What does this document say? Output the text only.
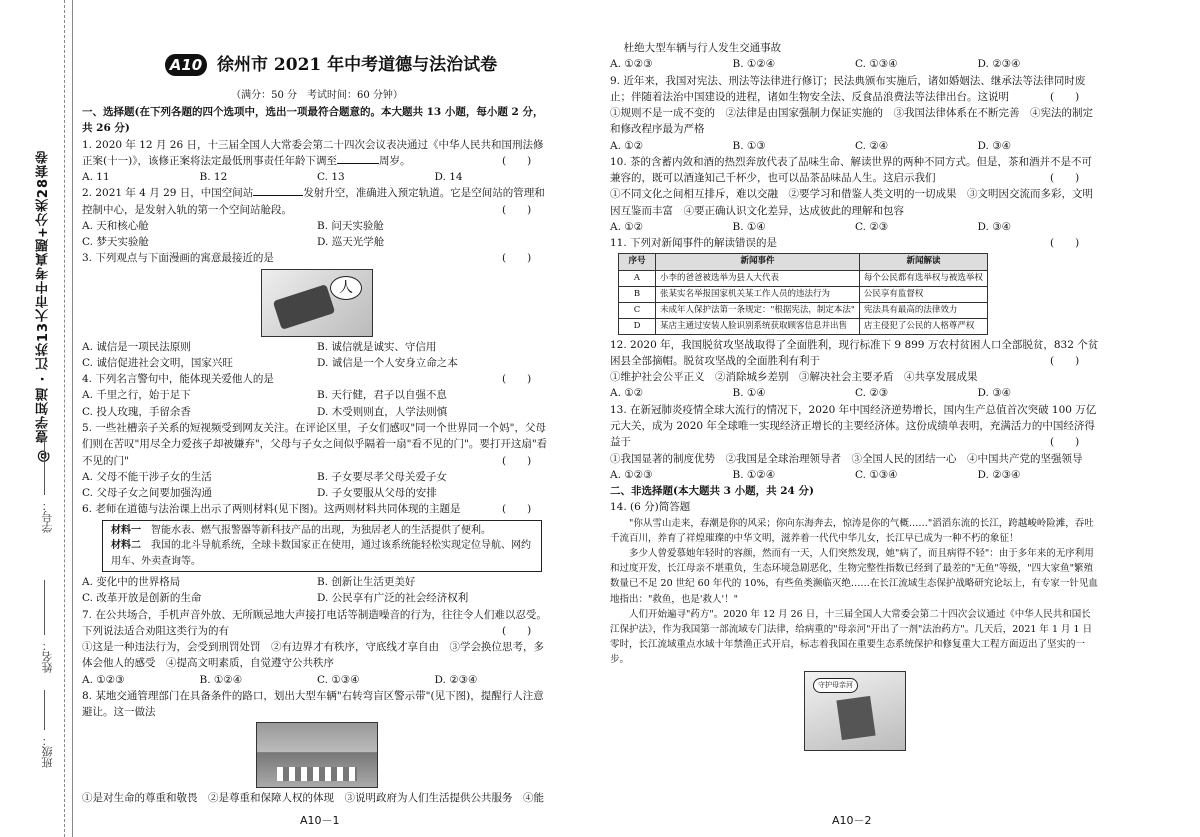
@ 壹学知道 · 江苏13大市中考真题+分类28套卷
学号：
姓名：
班级：
A10 徐州市 2021 年中考道德与法治试卷
（满分：50 分　考试时间：60 分钟）

一、选择题(在下列各题的四个选项中，选出一项最符合题意的。本大题共 13 小题，每小题 2 分，共 26 分)

1. 2020 年 12 月 26 日，十三届全国人大常委会第二十四次会议表决通过《中华人民共和国刑法修正案(十一)》，该修正案将法定最低刑事责任年龄下调至	周岁。	(　　)

A. 11	B. 12	C. 13	D. 14

2. 2021 年 4 月 29 日，中国空间站	发射升空，准确进入预定轨道。它是空间站的管理和控制中心，是发射入轨的第一个空间站舱段。	(　　)

A. 天和核心舱	B. 问天实验舱
C. 梦天实验舱	D. 巡天光学舱

3. 下列观点与下面漫画的寓意最接近的是	(　　)

人
A. 诚信是一项民法原则	B. 诚信就是诚实、守信用
C. 诚信促进社会文明，国家兴旺	D. 诚信是一个人安身立命之本

4. 下列名言警句中，能体现关爱他人的是	(　　)

A. 千里之行，始于足下	B. 天行健，君子以自强不息
C. 投人玫瑰，手留余香	D. 木受则则直，人学法则慎

5. 一些社槽亲子关系的短视频受到网友关注。在评论区里，子女们感叹"同一个世界同一个妈"，父母们则在苦叹"用尽全力爱孩子却被嫌弃"，父母与子女之间似乎隔着一扇"看不见的门"。要打开这扇"看不见的门"	(　　)

A. 父母不能干涉子女的生活	B. 子女要尽孝父母关爱子女
C. 父母子女之间要加强沟通	D. 子女要服从父母的安排

6. 老师在道德与法治课上出示了两则材料(见下图)。这两则材料共同体现的主题是	(　　)

材料一　 智能水表、燃气报警器等新科技产品的出现，为独居老人的生活提供了便利。

材料二　 我国的北斗导航系统，全球卡数国家正在使用，通过该系统能轻松实现定位导航、网约用车、外卖查询等。

A. 变化中的世界格局	B. 创新让生活更美好
C. 改革开放是创新的生命	D. 公民享有广泛的社会经济权利

7. 在公共场合，手机声音外放、无所顾忌地大声接打电话等制造噪音的行为，往往令人们难以忍受。下列说法适合劝阻这类行为的有	(　　)

①这是一种违法行为，会受到刑罚处罚　②有边界才有秩序，守底线才享自由　③学会换位思考，多体会他人的感受　④提高文明素质，自觉遵守公共秩序

A. ①②③	B. ①②④	C. ①③④	D. ②③④

8. 某地交通管理部门在具备条件的路口，划出大型车辆"右转弯盲区警示带"(见下图)，提醒行人注意避让。这一做法

①是对生命的尊重和敬畏　②是尊重和保障人权的体现　③说明政府为人们生活提供公共服务　④能

杜绝大型车辆与行人发生交通事故

A. ①②③	B. ①②④	C. ①③④	D. ②③④

9. 近年来，我国对宪法、刑法等法律进行修订；民法典颁布实施后，诸如婚姻法、继承法等法律同时废止；伴随着法治中国建设的进程，诸如生物安全法、反食品浪费法等法律出台。这说明	(　　)

①规则不是一成不变的　②法律是由国家强制力保证实施的　③我国法律体系在不断完善　④宪法的制定和修改程序最为严格

A. ①②	B. ①③	C. ②④	D. ③④

10. 茶的含蓄内敛和酒的热烈奔放代表了品味生命、解读世界的两种不同方式。但是，茶和酒并不是不可兼容的，既可以酒逢知己千杯少，也可以品茶品味品人生。这启示我们	(　　)

①不同文化之间相互排斥，难以交融　②要学习和借鉴人类文明的一切成果　③文明因交流而多彩，文明因互鉴而丰富　④要正确认识文化差异，达成彼此的理解和包容

A. ①②	B. ①④	C. ②③	D. ③④

11. 下列对新闻事件的解读错误的是	(　　)

序号	新闻事件	新闻解读
A	小李的爸爸被选举为县人大代表	每个公民都有选举权与被选举权
B	张某实名举报国家机关某工作人员的违法行为	公民享有监督权
C	未成年人保护法第一条规定："根据宪法，制定本法"	宪法具有最高的法律效力
D	某店主通过安装人脸识别系统获取顾客信息并出售	店主侵犯了公民的人格尊严权

12. 2020 年，我国脱贫攻坚战取得了全面胜利，现行标准下 9 899 万农村贫困人口全部脱贫，832 个贫困县全部摘帽。脱贫攻坚战的全面胜利有利于	(　　)

①维护社会公平正义　②消除城乡差别　③解决社会主要矛盾　④共享发展成果

A. ①②	B. ①④	C. ②③	D. ③④

13. 在新冠肺炎疫情全球大流行的情况下，2020 年中国经济逆势增长，国内生产总值首次突破 100 万亿元大关，成为 2020 年全球唯一实现经济正增长的主要经济体。这份成绩单表明，充满活力的中国经济得益于	(　　)

①我国显著的制度优势　②我国是全球治理领导者　③全国人民的团结一心　④中国共产党的坚强领导

A. ①②③	B. ①②④	C. ①③④	D. ②③④

二、非选择题(本大题共 3 小题，共 24 分)

14. (6 分)简答题

"你从雪山走来，春潮是你的风采；你向东海奔去，惊涛是你的气概……"滔滔东流的长江，跨越峻岭险滩，吞吐千流百川，养育了祥煌璀璨的中华文明，滋养着一代代中华儿女，长江早已成为一种不朽的象征！

多少人曾爱慕她年轻时的容颜，然而有一天，人们突然发现，她"病了，而且病得不轻"：由于多年来的无序利用和过度开发，长江母亲不堪重负，生态环境急剧恶化，生物完整性指数已经到了最差的"无鱼"等级，"四大家鱼"繁殖数量已不足 20 世纪 60 年代的 10%，有些鱼类濒临灭绝……在长江流域生态保护战略研究论坛上，有专家一针见血地指出："救鱼，也是'救人'！"

人们开始遍寻"药方"。2020 年 12 月 26 日，十三届全国人大常委会第二十四次会议通过《中华人民共和国长江保护法》，作为我国第一部流域专门法律，给病重的"母亲河"开出了一剂"法治药方"。几天后，2021 年 1 月 1 日零时，长江流域重点水域十年禁渔正式开启，标志着我国在重要生态系统保护和修复重大工程方面迈出了坚实的一步。

守护母亲河
A10－1	A10－2
